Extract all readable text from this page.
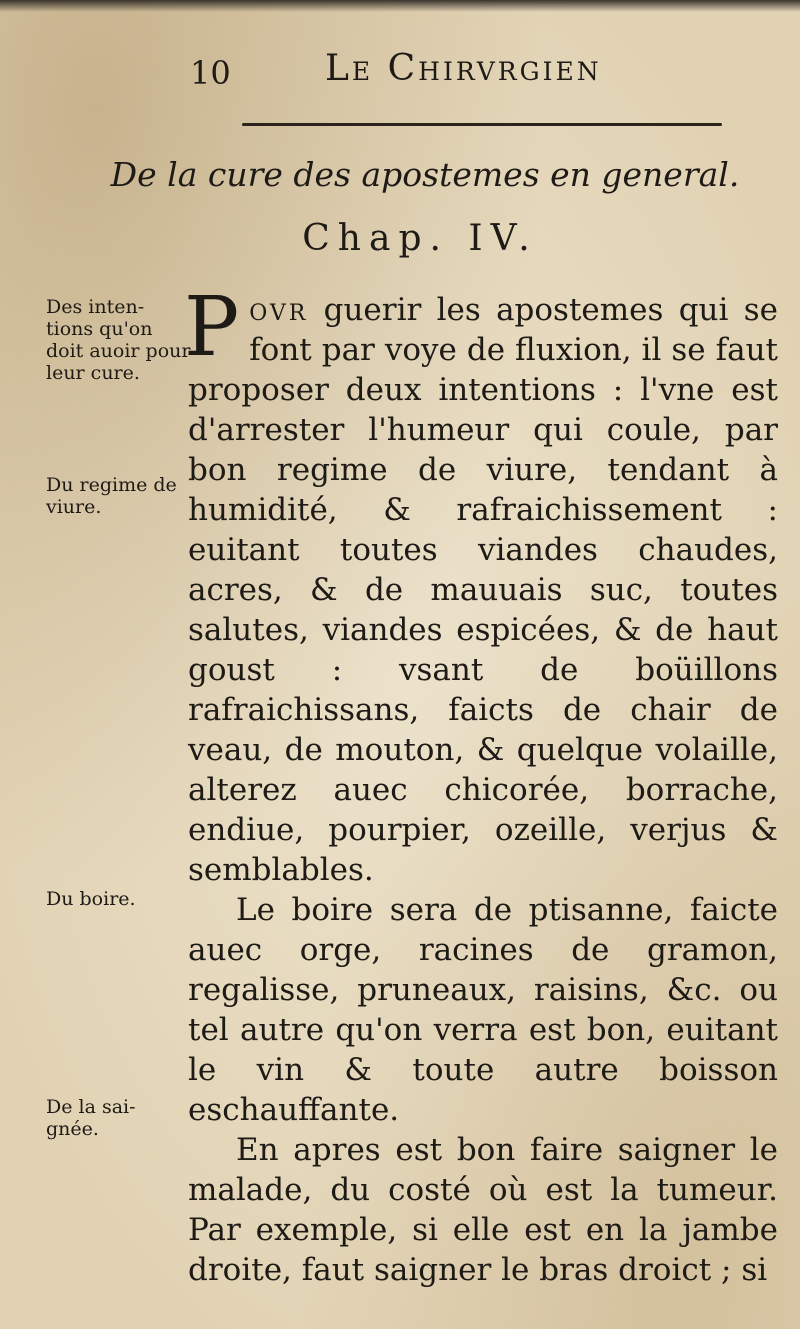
10	Le Chirvrgien
De la cure des apostemes en general.
Chap. IV.
Des inten- tions qu'on doit auoir pour leur cure.
Du regime de viure.
Du boire.
De la sai- gnée.

Povr guerir les apostemes qui se font par voye de fluxion, il se faut proposer deux intentions : l'vne est d'arrester l'humeur qui coule, par bon regime de viure, tendant à humidité, & rafraichissement : euitant toutes viandes chaudes, acres, & de mauuais suc, toutes salutes, viandes espicées, & de haut goust : vsant de boüillons rafraichissans, faicts de chair de veau, de mouton, & quelque volaille, alterez auec chicorée, borrache, endiue, pourpier, ozeille, verjus & semblables.

Le boire sera de ptisanne, faicte auec orge, racines de gramon, regalisse, pruneaux, raisins, &c. ou tel autre qu'on verra est bon, euitant le vin & toute autre boisson eschauffante.

En apres est bon faire saigner le malade, du costé où est la tumeur. Par exemple, si elle est en la jambe droite, faut saigner le bras droict ; si
